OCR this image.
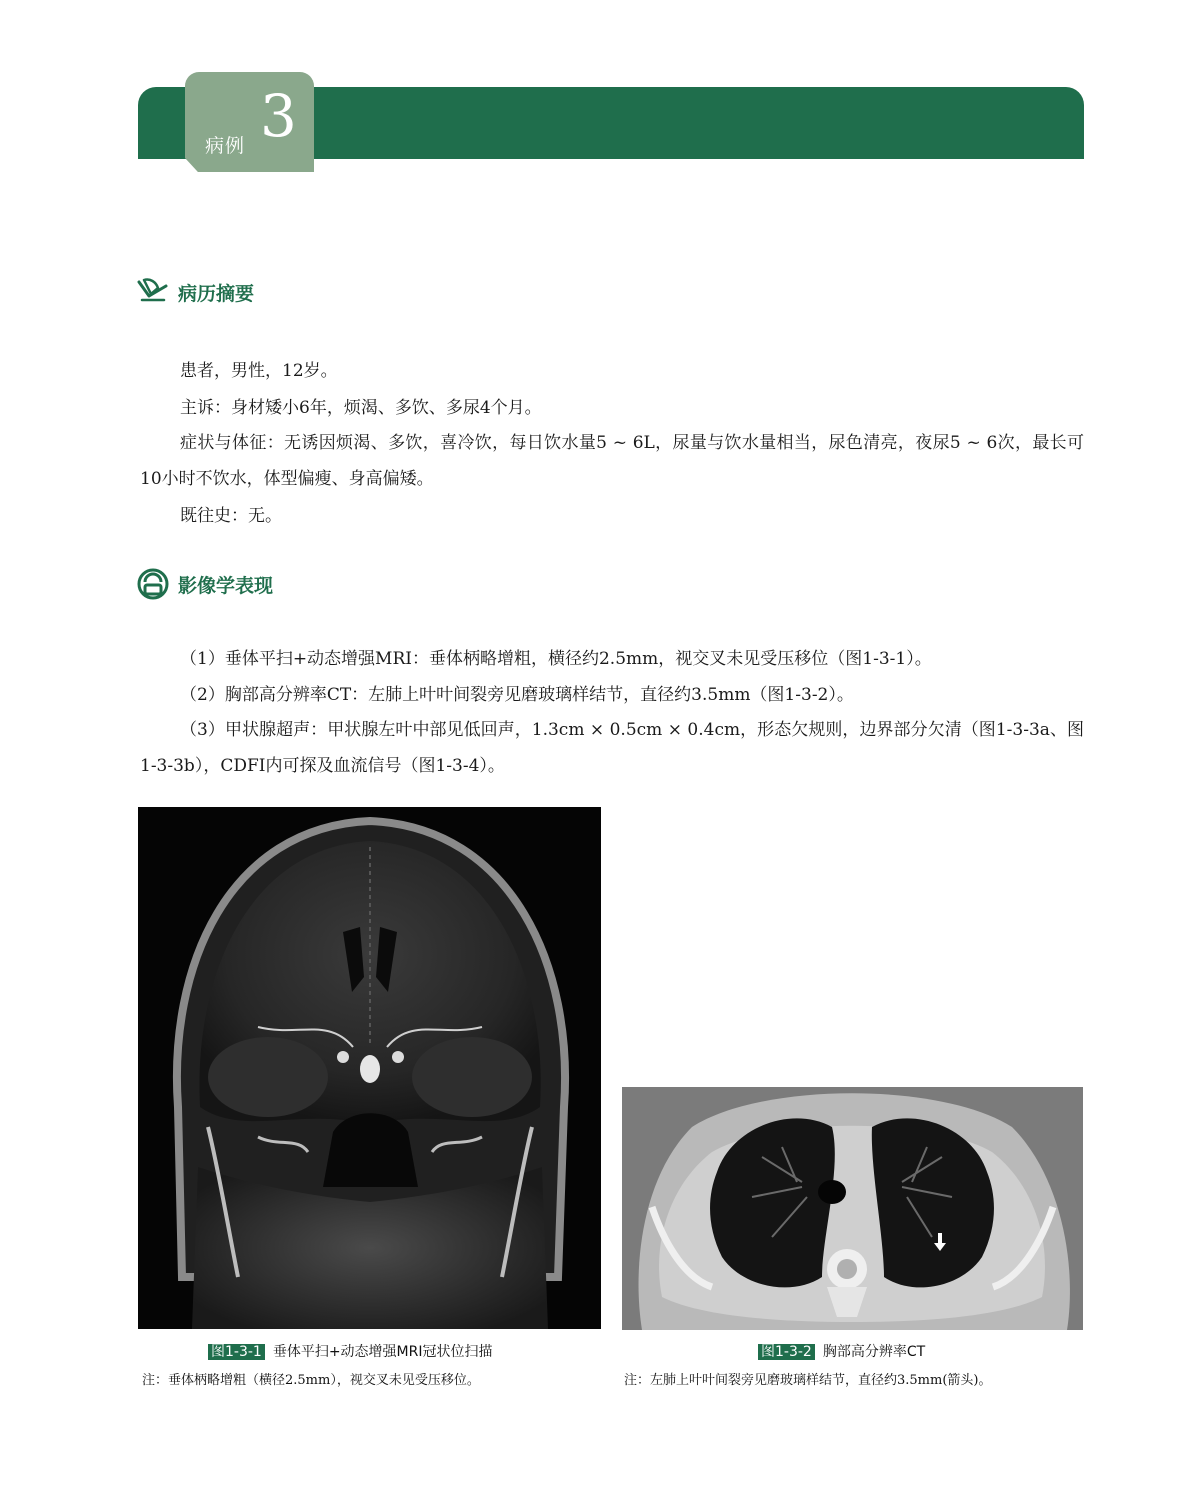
病例 3
病历摘要
患者，男性，12岁。
主诉：身材矮小6年，烦渴、多饮、多尿4个月。
症状与体征：无诱因烦渴、多饮，喜冷饮，每日饮水量5 ~ 6L，尿量与饮水量相当，尿色清亮，夜尿5 ~ 6次，最长可10小时不饮水，体型偏瘦、身高偏矮。
既往史：无。
影像学表现
（1）垂体平扫+动态增强MRI：垂体柄略增粗，横径约2.5mm，视交叉未见受压移位（图1-3-1）。
（2）胸部高分辨率CT：左肺上叶叶间裂旁见磨玻璃样结节，直径约3.5mm（图1-3-2）。
（3）甲状腺超声：甲状腺左叶中部见低回声，1.3cm × 0.5cm × 0.4cm，形态欠规则，边界部分欠清（图1-3-3a、图1-3-3b），CDFI内可探及血流信号（图1-3-4）。
图1-3-1 垂体平扫+动态增强MRI冠状位扫描
注：垂体柄略增粗（横径2.5mm），视交叉未见受压移位。
图1-3-2 胸部高分辨率CT
注：左肺上叶叶间裂旁见磨玻璃样结节，直径约3.5mm(箭头)。
